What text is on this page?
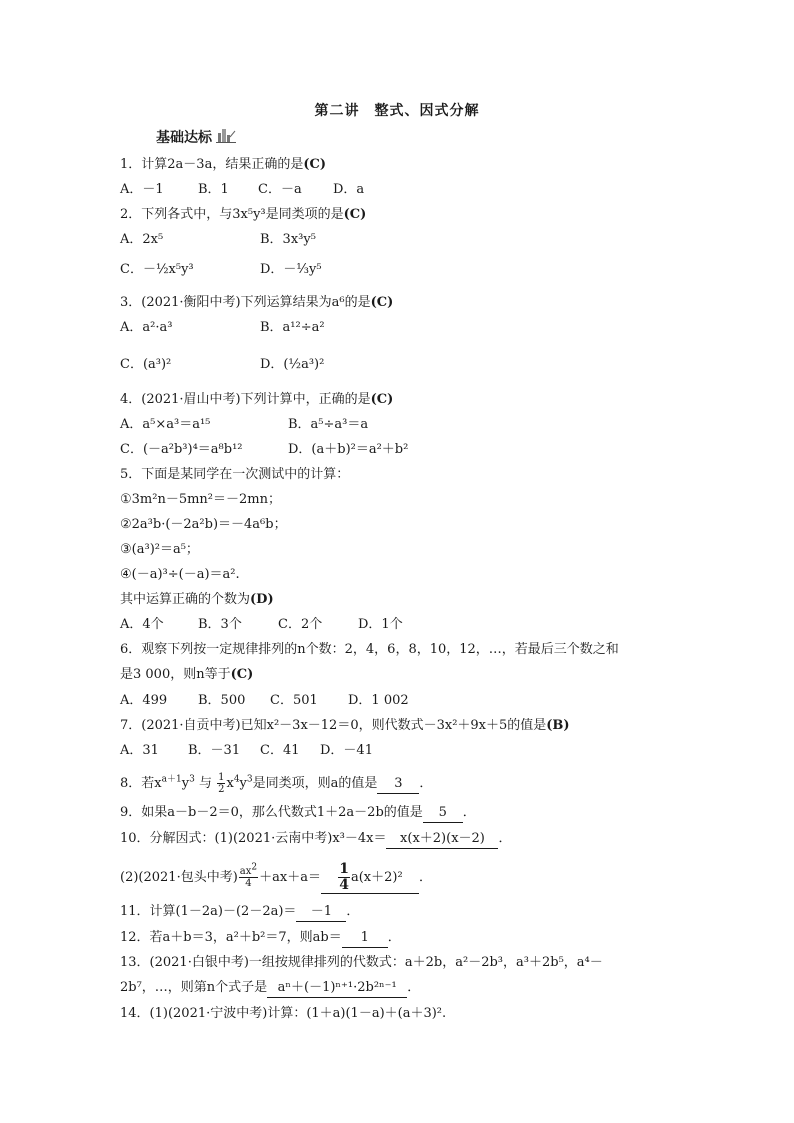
第二讲　整式、因式分解
基础达标
1．计算2a－3a，结果正确的是(C)
A．－1	B．1 C．－a D．a
2．下列各式中，与3x⁵y³是同类项的是(C)
A．2x⁵	B．3x³y⁵
C．－½x⁵y³	D．－⅓y⁵
3．(2021·衡阳中考)下列运算结果为a⁶的是(C)
A．a²·a³	B．a¹²÷a²
C．(a³)²	D．(½a³)²
4．(2021·眉山中考)下列计算中，正确的是(C)
A．a⁵×a³＝a¹⁵	B．a⁵÷a³＝a
C．(－a²b³)⁴＝a⁸b¹²	D．(a＋b)²＝a²＋b²
5．下面是某同学在一次测试中的计算：
①3m²n－5mn²＝－2mn；
②2a³b·(－2a²b)＝－4a⁶b；
③(a³)²＝a⁵；
④(－a)³÷(－a)＝a².
其中运算正确的个数为(D)
A．4个	B．3个	C．2个	D．1个
6．观察下列按一定规律排列的n个数：2，4，6，8，10，12，…，若最后三个数之和
是3 000，则n等于(C)
A．499 B．500 C．501 D．1 002
7．(2021·自贡中考)已知x²－3x－12＝0，则代数式－3x²＋9x＋5的值是(B)
A．31 B．－31 C．41 D．－41
8．若$x^{a+1}y^3$ 与 $\frac{1}{2} x^4y^3$是同类项，则a的值是 3 ．
9．如果a－b－2＝0，那么代数式1＋2a－2b的值是 5 ．
10．分解因式：(1)(2021·云南中考)x³－4x＝ x(x＋2)(x－2) ．
(2)(2021·包头中考) $\frac{ax^2}{4} +ax+a= \frac{1}{4} a(x+2)^2$ ．
11．计算(1－2a)－(2－2a)＝ －1 ．
12．若a＋b＝3，a²＋b²＝7，则ab＝ 1 ．
13．(2021·白银中考)一组按规律排列的代数式：a＋2b，a²－2b³，a³＋2b⁵，a⁴－
2b⁷，…，则第n个式子是 aⁿ＋(－1)ⁿ⁺¹·2b²ⁿ⁻¹ ．
14．(1)(2021·宁波中考)计算：(1＋a)(1－a)＋(a＋3)².
